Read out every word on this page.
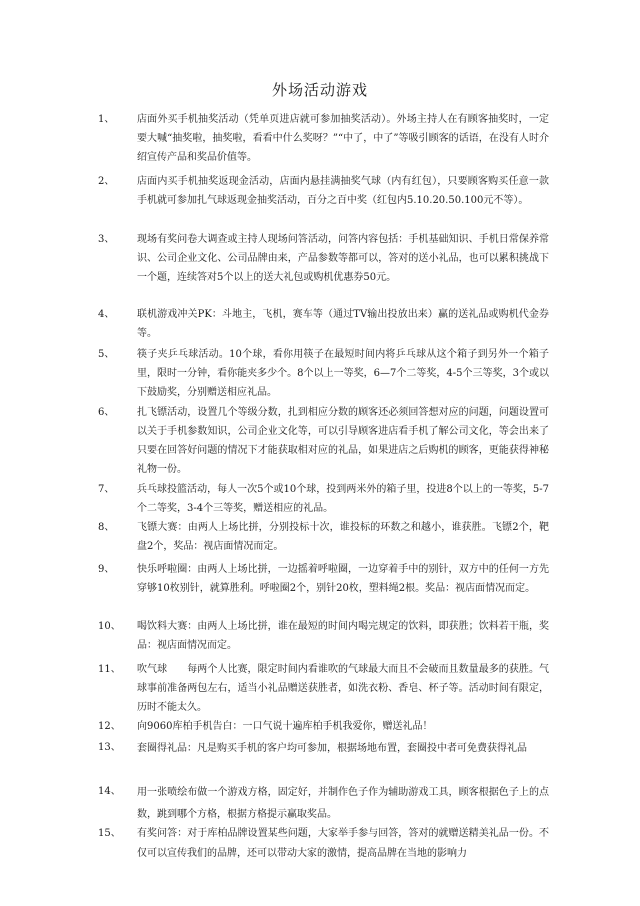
外场活动游戏
1、 店面外买手机抽奖活动（凭单页进店就可参加抽奖活动）。外场主持人在有顾客抽奖时，一定要大喊“抽奖啦，抽奖啦，看看中什么奖呀？”“中了，中了”等吸引顾客的话语，在没有人时介绍宣传产品和奖品价值等。

2、 店面内买手机抽奖返现金活动，店面内悬挂满抽奖气球（内有红包），只要顾客购买任意一款手机就可参加扎气球返现金抽奖活动，百分之百中奖（红包内5.10.20.50.100元不等）。

3、 现场有奖问卷大调查或主持人现场问答活动，问答内容包括：手机基础知识、手机日常保养常识、公司企业文化、公司品牌由来，产品参数等都可以，答对的送小礼品，也可以累积挑战下一个题，连续答对5个以上的送大礼包或购机优惠券50元。

4、 联机游戏冲关PK：斗地主，飞机，赛车等（通过TV输出投放出来）赢的送礼品或购机代金券等。

5、 筷子夹乒乓球活动。10个球，看你用筷子在最短时间内将乒乓球从这个箱子到另外一个箱子里，限时一分钟，看你能夹多少个。8个以上一等奖，6—7个二等奖，4-5个三等奖，3个或以下鼓励奖，分别赠送相应礼品。

6、 扎飞镖活动，设置几个等级分数，扎到相应分数的顾客还必须回答想对应的问题，问题设置可以关于手机参数知识，公司企业文化等，可以引导顾客进店看手机了解公司文化，等会出来了只要在回答好问题的情况下才能获取相对应的礼品，如果进店之后购机的顾客，更能获得神秘礼物一份。

7、 兵乓球投篮活动，每人一次5个或10个球，投到两米外的箱子里，投进8个以上的一等奖，5-7个二等奖，3-4个三等奖，赠送相应的礼品。

8、 飞镖大赛：由两人上场比拼，分别投标十次，谁投标的环数之和越小，谁获胜。飞镖2个，靶盘2个，奖品：视店面情况而定。

9、 快乐呼啦圈：由两人上场比拼，一边摇着呼啦圈，一边穿着手中的别针，双方中的任何一方先穿够10枚别针，就算胜利。呼啦圈2个，别针20枚，塑料绳2根。奖品：视店面情况而定。

10、 喝饮料大赛：由两人上场比拼，谁在最短的时间内喝完规定的饮料，即获胜；饮料若干瓶，奖品：视店面情况而定。

11、 吹气球　　每两个人比赛，限定时间内看谁吹的气球最大而且不会破而且数量最多的获胜。气球事前准备两包左右，适当小礼品赠送获胜者，如洗衣粉、香皂、杯子等。活动时间有限定，历时不能太久。

12、 向9060库柏手机告白：一口气说十遍库柏手机我爱你，赠送礼品！

13、 套圈得礼品：凡是购买手机的客户均可参加，根据场地布置，套圈投中者可免费获得礼品

14、 用一张喷绘布做一个游戏方格，固定好，并制作色子作为辅助游戏工具，顾客根据色子上的点数，跳到哪个方格，根据方格提示赢取奖品。

15、 有奖问答：对于库柏品牌设置某些问题，大家举手参与回答，答对的就赠送精美礼品一份。不仅可以宣传我们的品牌，还可以带动大家的激情，提高品牌在当地的影响力
